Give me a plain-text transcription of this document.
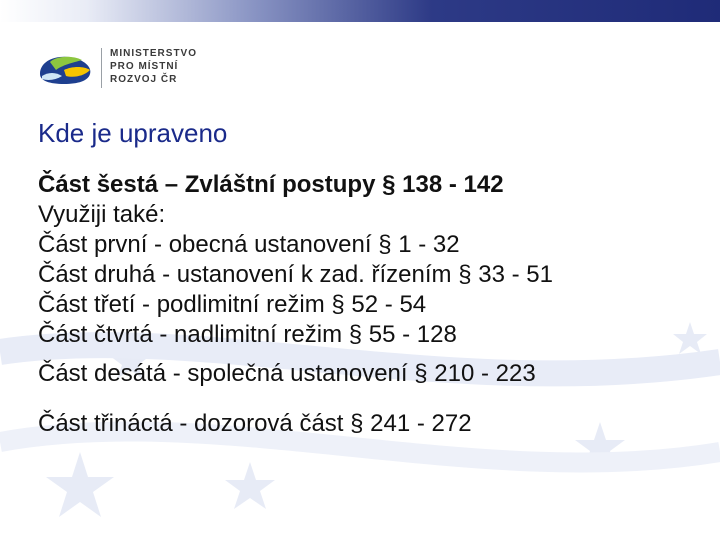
MINISTERSTVO
PRO MÍSTNÍ
ROZVOJ ČR
Kde je upraveno
Část šestá – Zvláštní postupy § 138 - 142
Využiji také:
Část první - obecná ustanovení § 1 - 32
Část druhá - ustanovení k zad. řízením § 33 - 51
Část třetí - podlimitní režim § 52 - 54
Část čtvrtá - nadlimitní režim § 55 - 128
Část desátá - společná ustanovení § 210 - 223
Část třináctá - dozorová část § 241 - 272
